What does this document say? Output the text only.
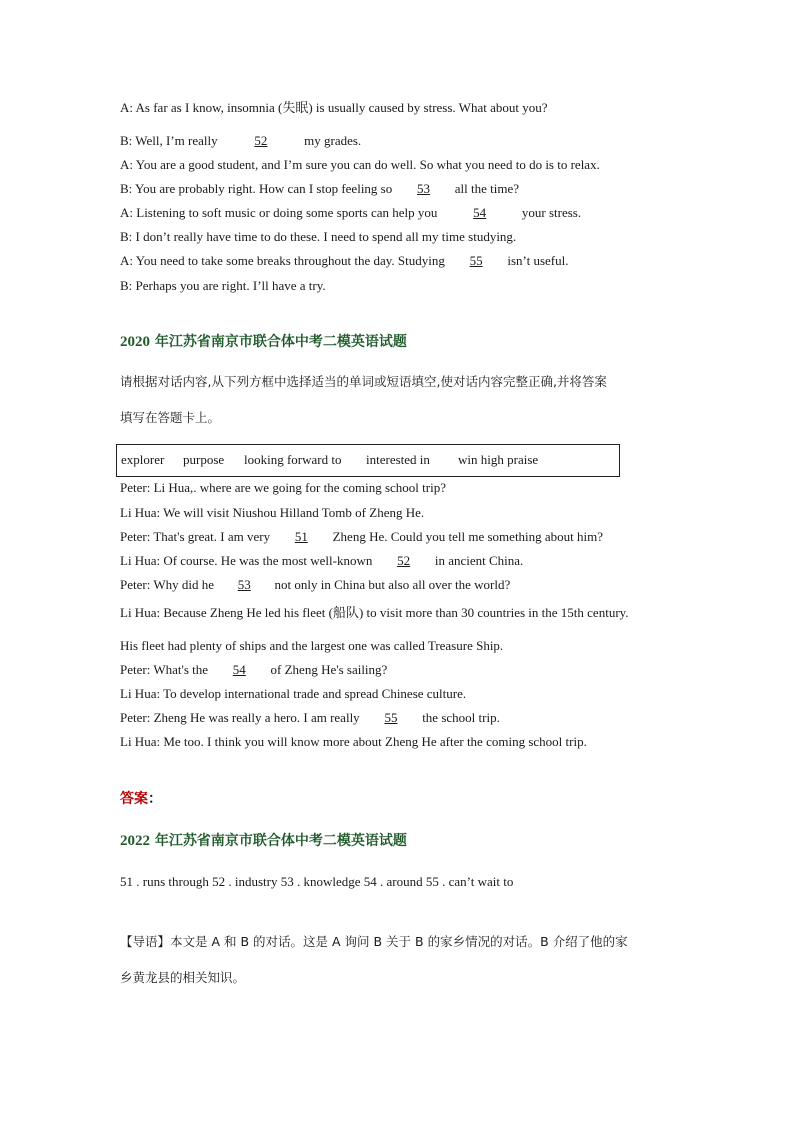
A: As far as I know, insomnia (失眠) is usually caused by stress. What about you?
B: Well, I’m really	52	my grades.
A: You are a good student, and I’m sure you can do well. So what you need to do is to relax.
B: You are probably right. How can I stop feeling so 53 all the time?
A: Listening to soft music or doing some sports can help you	54	your stress.
B: I don’t really have time to do these. I need to spend all my time studying.
A: You need to take some breaks throughout the day. Studying 55 isn’t useful.
B: Perhaps you are right. I’ll have a try.
2020 年江苏省南京市联合体中考二模英语试题
请根据对话内容,从下列方框中选择适当的单词或短语填空,使对话内容完整正确,并将答案
填写在答题卡上。
explorer purpose looking forward to interested in win high praise
Peter: Li Hua,. where are we going for the coming school trip?
Li Hua: We will visit Niushou Hilland Tomb of Zheng He.
Peter: That's great. I am very 51 Zheng He. Could you tell me something about him?
Li Hua: Of course. He was the most well-known 52 in ancient China.
Peter: Why did he 53 not only in China but also all over the world?
Li Hua: Because Zheng He led his fleet (船队) to visit more than 30 countries in the 15th century.
His fleet had plenty of ships and the largest one was called Treasure Ship.
Peter: What's the 54 of Zheng He's sailing?
Li Hua: To develop international trade and spread Chinese culture.
Peter: Zheng He was really a hero. I am really 55 the school trip.
Li Hua: Me too. I think you will know more about Zheng He after the coming school trip.
答案：
2022 年江苏省南京市联合体中考二模英语试题
51 . runs through 52 . industry 53 . knowledge 54 . around 55 . can’t wait to
【导语】本文是 A 和 B 的对话。这是 A 询问 B 关于 B 的家乡情况的对话。B 介绍了他的家
乡黄龙县的相关知识。
